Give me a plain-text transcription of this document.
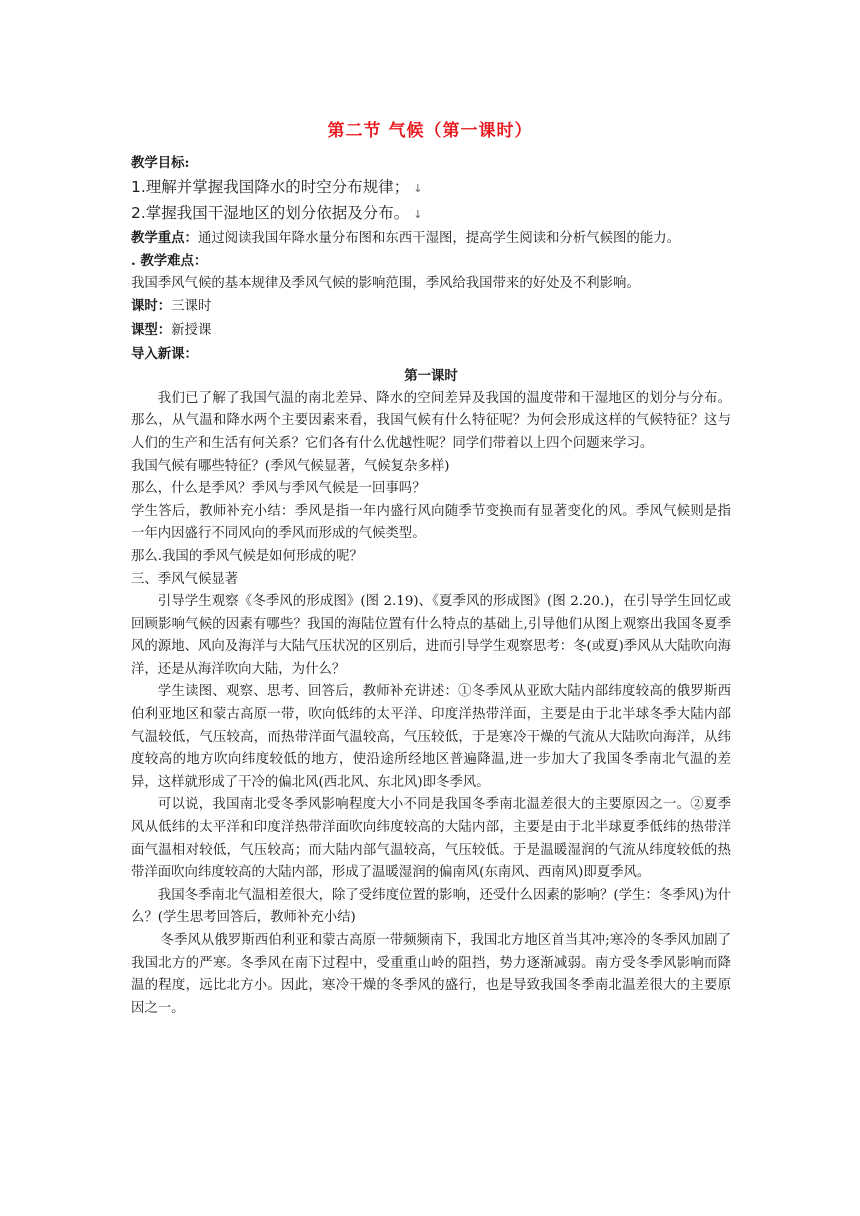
第二节 气候（第一课时）

教学目标:

1.理解并掌握我国降水的时空分布规律； ↓

2.掌握我国干湿地区的划分依据及分布。 ↓

教学重点：通过阅读我国年降水量分布图和东西干湿图，提高学生阅读和分析气候图的能力。

. 教学难点：

我国季风气候的基本规律及季风气候的影响范围，季风给我国带来的好处及不利影响。

课时：三课时

课型：新授课

导入新课：

第一课时

我们已了解了我国气温的南北差异、降水的空间差异及我国的温度带和干湿地区的划分与分布。那么，从气温和降水两个主要因素来看，我国气候有什么特征呢？为何会形成这样的气候特征？这与人们的生产和生活有何关系？它们各有什么优越性呢？同学们带着以上四个问题来学习。

我国气候有哪些特征？(季风气候显著，气候复杂多样)

那么，什么是季风？季风与季风气候是一回事吗？

学生答后，教师补充小结：季风是指一年内盛行风向随季节变换而有显著变化的风。季风气候则是指一年内因盛行不同风向的季风而形成的气候类型。

那么.我国的季风气候是如何形成的呢？

三、季风气候显著

引导学生观察《冬季风的形成图》(图 2.19)、《夏季风的形成图》(图 2.20.)，在引导学生回忆或回顾影响气候的因素有哪些？我国的海陆位置有什么特点的基础上,引导他们从图上观察出我国冬夏季风的源地、风向及海洋与大陆气压状况的区别后，进而引导学生观察思考：冬(或夏)季风从大陆吹向海洋，还是从海洋吹向大陆，为什么？

学生读图、观察、思考、回答后，教师补充讲述：①冬季风从亚欧大陆内部纬度较高的俄罗斯西伯利亚地区和蒙古高原一带，吹向低纬的太平洋、印度洋热带洋面，主要是由于北半球冬季大陆内部气温较低，气压较高，而热带洋面气温较高，气压较低，于是寒冷干燥的气流从大陆吹向海洋，从纬度较高的地方吹向纬度较低的地方，使沿途所经地区普遍降温,进一步加大了我国冬季南北气温的差异，这样就形成了干冷的偏北风(西北风、东北风)即冬季风。

可以说，我国南北受冬季风影响程度大小不同是我国冬季南北温差很大的主要原因之一。②夏季风从低纬的太平洋和印度洋热带洋面吹向纬度较高的大陆内部，主要是由于北半球夏季低纬的热带洋面气温相对较低，气压较高；而大陆内部气温较高，气压较低。于是温暖湿润的气流从纬度较低的热带洋面吹向纬度较高的大陆内部，形成了温暖湿润的偏南风(东南风、西南风)即夏季风。

我国冬季南北气温相差很大，除了受纬度位置的影响，还受什么因素的影响？(学生：冬季风)为什么？(学生思考回答后，教师补充小结)

冬季风从俄罗斯西伯利亚和蒙古高原一带频频南下，我国北方地区首当其冲;寒冷的冬季风加剧了我国北方的严寒。冬季风在南下过程中，受重重山岭的阻挡，势力逐渐减弱。南方受冬季风影响而降温的程度，远比北方小。因此，寒冷干燥的冬季风的盛行，也是导致我国冬季南北温差很大的主要原因之一。
